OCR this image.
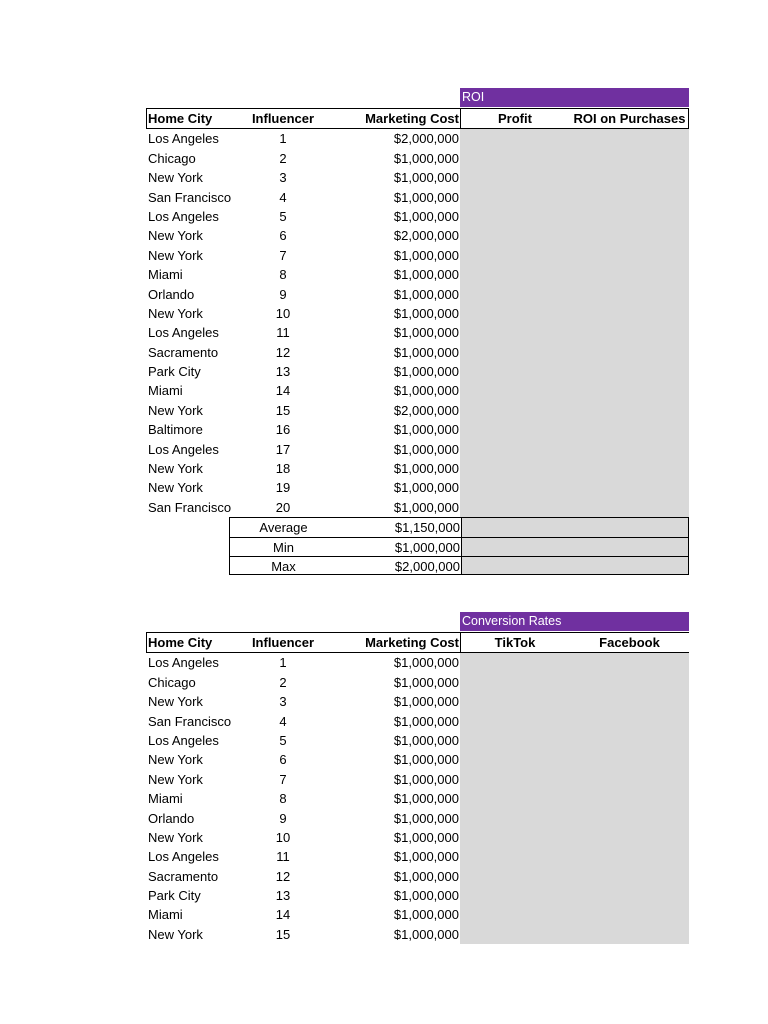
ROI
Home City	Influencer	Marketing Cost	Profit	ROI on Purchases
Los Angeles	1	$2,000,000
Chicago	2	$1,000,000
New York	3	$1,000,000
San Francisco	4	$1,000,000
Los Angeles	5	$1,000,000
New York	6	$2,000,000
New York	7	$1,000,000
Miami	8	$1,000,000
Orlando	9	$1,000,000
New York	10	$1,000,000
Los Angeles	11	$1,000,000
Sacramento	12	$1,000,000
Park City	13	$1,000,000
Miami	14	$1,000,000
New York	15	$2,000,000
Baltimore	16	$1,000,000
Los Angeles	17	$1,000,000
New York	18	$1,000,000
New York	19	$1,000,000
San Francisco	20	$1,000,000
Average	$1,150,000
Min	$1,000,000
Max	$2,000,000
Conversion Rates
Home City	Influencer	Marketing Cost	TikTok	Facebook
Los Angeles	1	$1,000,000
Chicago	2	$1,000,000
New York	3	$1,000,000
San Francisco	4	$1,000,000
Los Angeles	5	$1,000,000
New York	6	$1,000,000
New York	7	$1,000,000
Miami	8	$1,000,000
Orlando	9	$1,000,000
New York	10	$1,000,000
Los Angeles	11	$1,000,000
Sacramento	12	$1,000,000
Park City	13	$1,000,000
Miami	14	$1,000,000
New York	15	$1,000,000
